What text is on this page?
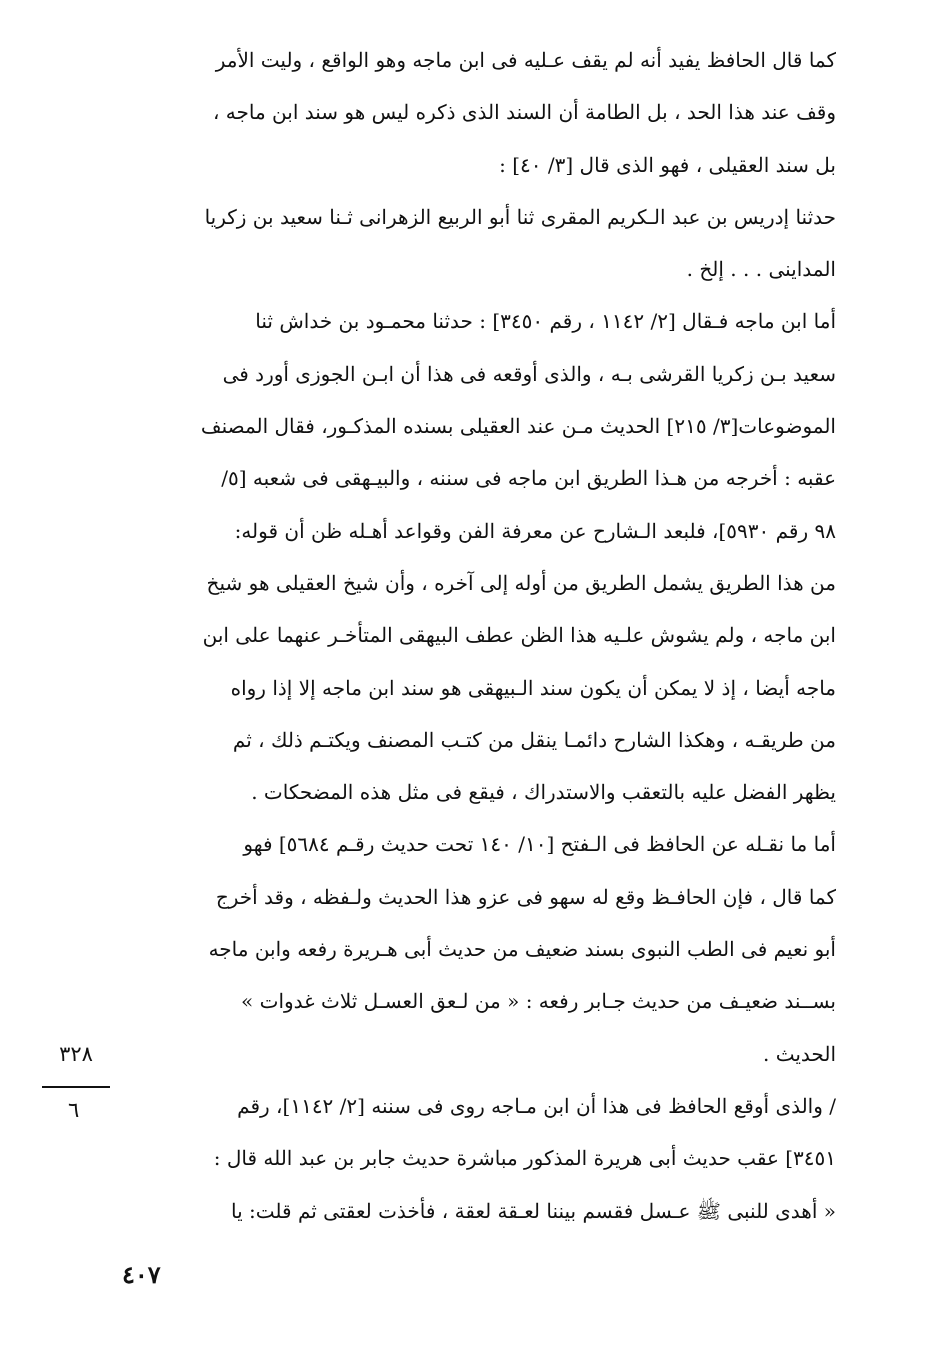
كما قال الحافظ يفيد أنه لم يقف عـليه فى ابن ماجه وهو الواقع ، وليت الأمر
وقف عند هذا الحد ، بل الطامة أن السند الذى ذكره ليس هو سند ابن ماجه ،
بل سند العقيلى ، فهو الذى قال [٣/ ٤٠] :
حدثنا إدريس بن عبد الـكريم المقرى ثنا أبو الربيع الزهرانى ثـنا سعيد بن زكريا
المداينى . . . إلخ .
أما ابن ماجه فـقال [٢/ ١١٤٢ ، رقم ٣٤٥٠] : حدثنا محمـود بن خداش ثنا
سعيد بـن زكريا القرشى بـه ، والذى أوقعه فى هذا أن ابـن الجوزى أورد فى
الموضوعات[٣/ ٢١٥] الحديث مـن عند العقيلى بسنده المذكـور، فقال المصنف
عقبه : أخرجه من هـذا الطريق ابن ماجه فى سننه ، والبيـهقى فى شعبه [٥/
٩٨ رقم ٥٩٣٠]، فلبعد الـشارح عن معرفة الفن وقواعد أهـله ظن أن قوله:
من هذا الطريق يشمل الطريق من أوله إلى آخره ، وأن شيخ العقيلى هو شيخ
ابن ماجه ، ولم يشوش علـيه هذا الظن عطف البيهقى المتأخـر عنهما على ابن
ماجه أيضا ، إذ لا يمكن أن يكون سند الـبيهقى هو سند ابن ماجه إلا إذا رواه
من طريقـه ، وهكذا الشارح دائمـا ينقل من كتـب المصنف ويكتـم ذلك ، ثم
يظهر الفضل عليه بالتعقب والاستدراك ، فيقع فى مثل هذه المضحكات .
أما ما نقـله عن الحافظ فى الـفتح [١٠/ ١٤٠ تحت حديث رقـم ٥٦٨٤] فهو
كما قال ، فإن الحافـظ وقع له سهو فى عزو هذا الحديث ولـفظه ، وقد أخرج
أبو نعيم فى الطب النبوى بسند ضعيف من حديث أبى هـريرة رفعه وابن ماجه
بســند ضعيـف من حديث جـابر رفعه : « من لـعق العسـل ثلاث غدوات »
الحديث .
/ والذى أوقع الحافظ فى هذا أن ابن مـاجه روى فى سننه [٢/ ١١٤٢]، رقم
٣٤٥١] عقب حديث أبى هريرة المذكور مباشرة حديث جابر بن عبد الله قال :
« أهدى للنبى ﷺ عـسل فقسم بيننا لعـقة لعقة ، فأخذت لعقتى ثم قلت: يا
٣٢٨
٦
٤٠٧
